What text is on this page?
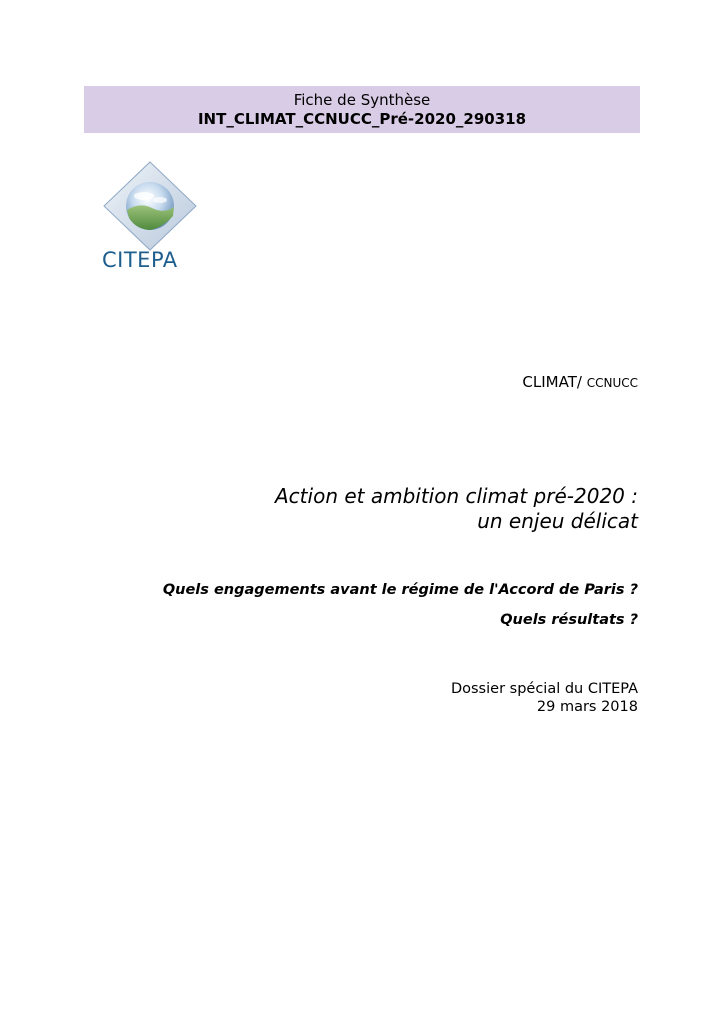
Fiche de Synthèse
INT_CLIMAT_CCNUCC_Pré-2020_290318
CITEPA
CLIMAT/ CCNUCC
Action et ambition climat pré-2020 :
un enjeu délicat
Quels engagements avant le régime de l'Accord de Paris ?
Quels résultats ?
Dossier spécial du CITEPA
29 mars 2018
